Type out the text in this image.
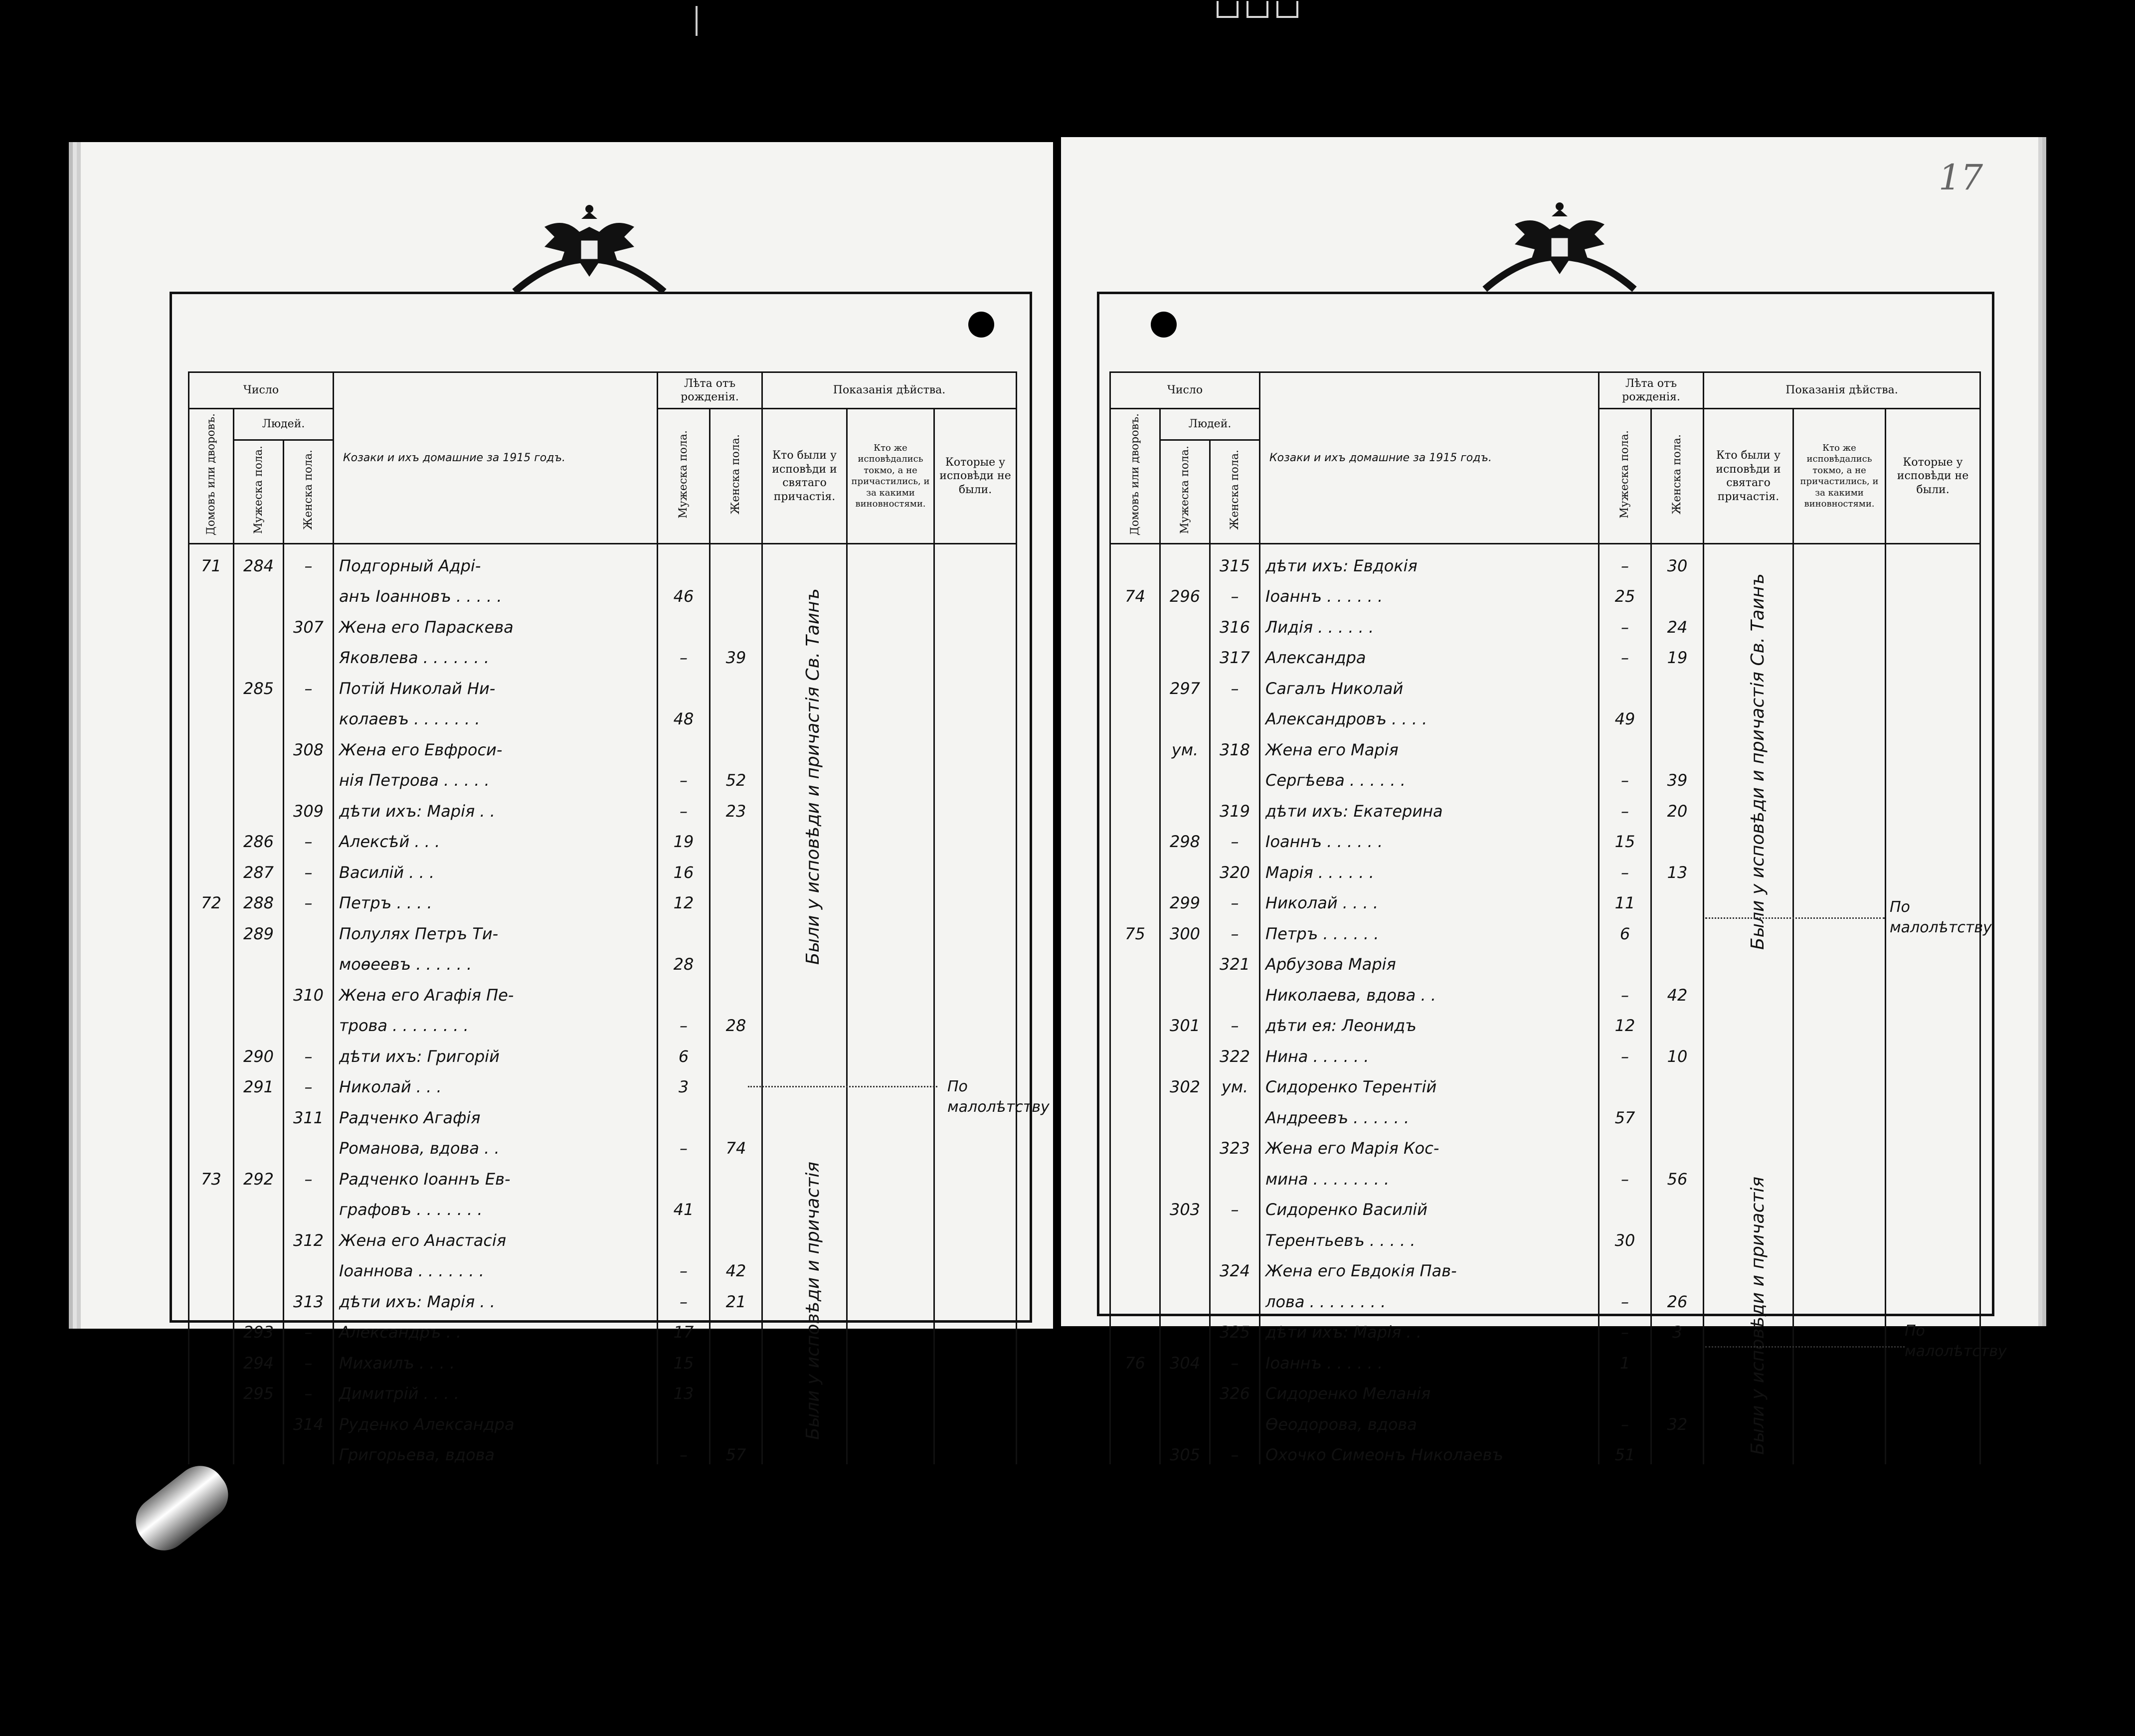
Число			Козаки и ихъ домашние за 1915 годъ.	Лѣта отъ рожденія.		Показанія дѣйства.		
Домовъ или дворовъ.	Людей.			Мужеска пола.	Женска пола.	Кто были у исповѣди и святаго причастія.	Кто же исповѣдались токмо, а не причастились, и за какими виновностями.	Которые у исповѣди не были.
	Мужеска пола.	Женска пола.						
71	284	–	Подгорный Адрі-					
			анъ Іоанновъ . . . . .	46				
		307	Жена его Параскева					
			Яковлева . . . . . . .	–	39			
	285	–	Потій Николай Ни-					
			колаевъ . . . . . . .	48				
		308	Жена его Евфроси-					
			нія Петрова . . . . .	–	52			
		309	дѣти ихъ: Марія . .	–	23			
	286	–	Алексѣй . . .	19				
	287	–	Василій . . .	16				
72	288	–	Петръ . . . .	12				
	289		Полулях Петръ Ти-					
			моѳеевъ . . . . . .	28				
		310	Жена его Агафія Пе-					
			трова . . . . . . . .	–	28			
	290	–	дѣти ихъ: Григорій	6				
	291	–	Николай . . .	3				
		311	Радченко Агафія					
			Романова, вдова . .	–	74			
73	292	–	Радченко Іоаннъ Ев-					
			графовъ . . . . . . .	41				
		312	Жена его Анастасія					
			Іоаннова . . . . . . .	–	42			
		313	дѣти ихъ: Марія . .	–	21			
	293	–	Александръ . .	17				
	294	–	Михаилъ . . . .	15				
	295	–	Димитрій . . . .	13				
		314	Руденко Александра					
			Григорьева, вдова	–	57			
Были у исповѣди и причастія Св. Таинъ
Были у исповѣди и причастія
По малолѣтству
17
Число			Козаки и ихъ домашние за 1915 годъ.	Лѣта отъ рожденія.		Показанія дѣйства.		
Домовъ или дворовъ.	Людей.			Мужеска пола.	Женска пола.	Кто были у исповѣди и святаго причастія.	Кто же исповѣдались токмо, а не причастились, и за какими виновностями.	Которые у исповѣди не были.
	Мужеска пола.	Женска пола.						
		315	дѣти ихъ: Евдокія	–	30			
74	296	–	Іоаннъ . . . . . .	25				
		316	Лидія . . . . . .	–	24			
		317	Александра	–	19			
	297	–	Сагалъ Николай					
			Александровъ . . . .	49				
	ум.	318	Жена его Марія					
			Сергѣева . . . . . .	–	39			
		319	дѣти ихъ: Екатерина	–	20			
	298	–	Іоаннъ . . . . . .	15				
		320	Марія . . . . . .	–	13			
	299	–	Николай . . . .	11				
75	300	–	Петръ . . . . . .	6				
		321	Арбузова Марія					
			Николаева, вдова . .	–	42			
	301	–	дѣти ея: Леонидъ	12				
		322	Нина . . . . . .	–	10			
	302	ум.	Сидоренко Терентій					
			Андреевъ . . . . . .	57				
		323	Жена его Марія Кос-					
			мина . . . . . . . .	–	56			
	303	–	Сидоренко Василій					
			Терентьевъ . . . . .	30				
		324	Жена его Евдокія Пав-					
			лова . . . . . . . .	–	26			
		325	дѣти ихъ: Марія . .	–	3			
76	304	–	Іоаннъ . . . . . .	1				
		326	Сидоренко Меланія					
			Ѳеодорова, вдова	–	32			
	305	–	Охочко Симеонъ Николаевъ	51				
Были у исповѣди и причастія Св. Таинъ
Были у исповѣди и причастія
По малолѣтству
По малолѣтству
